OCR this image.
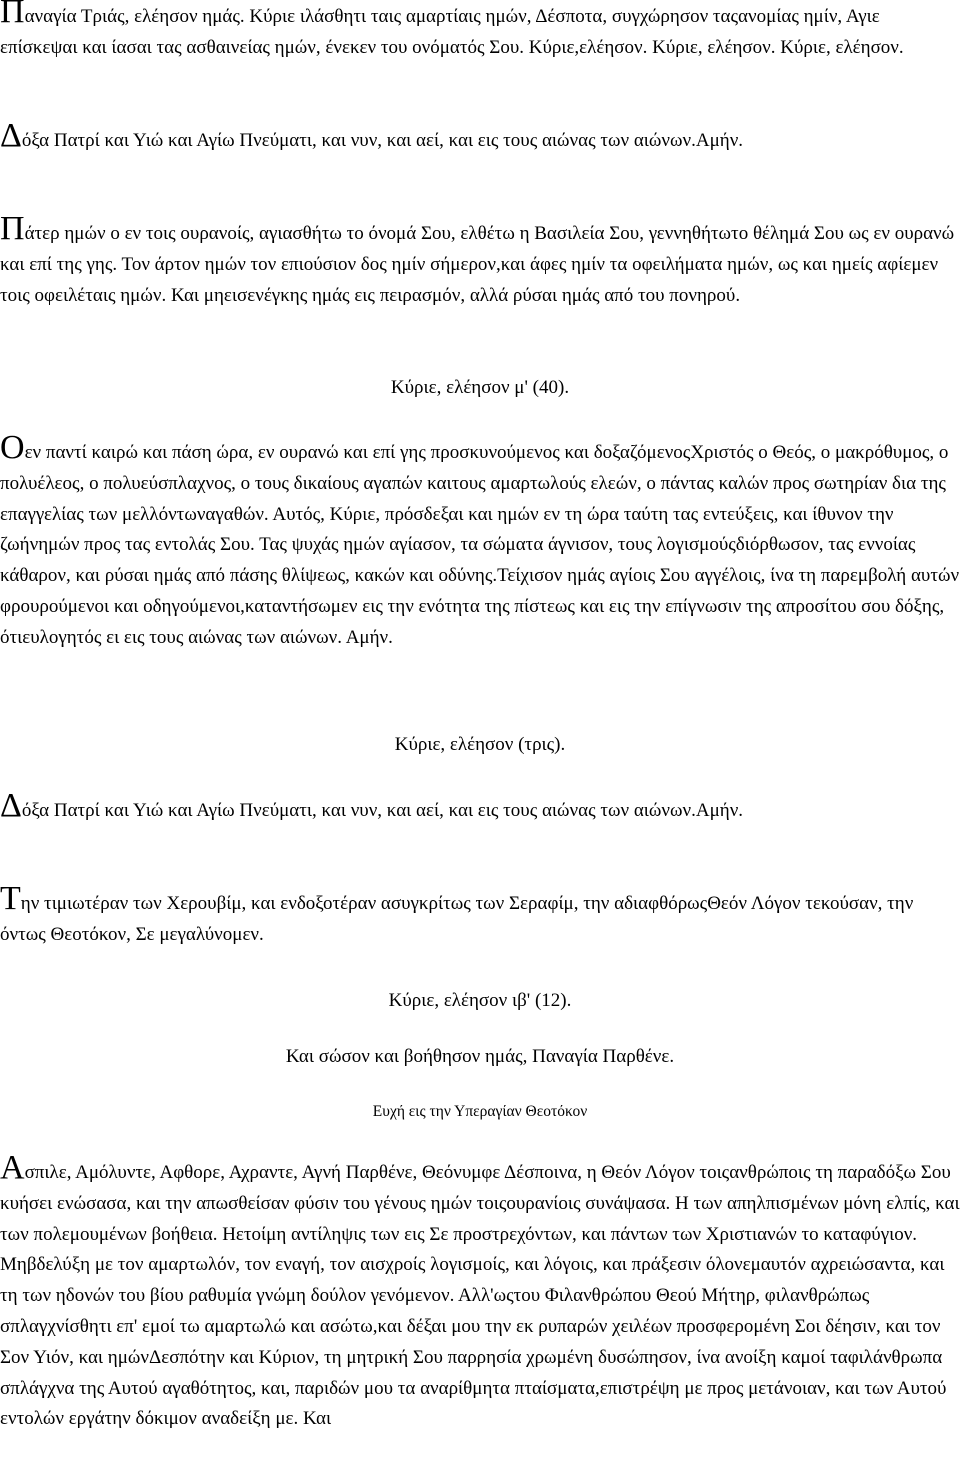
Παναγία Τριάς, ελέησον ημάς. Κύριε ιλάσθητι ταις αμαρτίαις ημών, Δέσποτα, συγχώρησον ταςανομίας ημίν, Αγιε επίσκεψαι και ίασαι τας ασθαινείας ημών, ένεκεν του ονόματός Σου. Κύριε,ελέησον. Κύριε, ελέησον. Κύριε, ελέησον.

Δόξα Πατρί και Υιώ και Αγίω Πνεύματι, και νυν, και αεί, και εις τους αιώνας των αιώνων.Αμήν.

Πάτερ ημών ο εν τοις ουρανοίς, αγιασθήτω το όνομά Σου, ελθέτω η Βασιλεία Σου, γεννηθήτωτο θέλημά Σου ως εν ουρανώ και επί της γης. Τον άρτον ημών τον επιούσιον δος ημίν σήμερον,και άφες ημίν τα οφειλήματα ημών, ως και ημείς αφίεμεν τοις οφειλέταις ημών. Και μηεισενέγκης ημάς εις πειρασμόν, αλλά ρύσαι ημάς από του πονηρού.

Κύριε, ελέησον μ' (40).

Οεν παντί καιρώ και πάση ώρα, εν ουρανώ και επί γης προσκυνούμενος και δοξαζόμενοςΧριστός ο Θεός, ο μακρόθυμος, ο πολυέλεος, ο πολυεύσπλαχνος, ο τους δικαίους αγαπών καιτους αμαρτωλούς ελεών, ο πάντας καλών προς σωτηρίαν δια της επαγγελίας των μελλόντωναγαθών. Αυτός, Κύριε, πρόσδεξαι και ημών εν τη ώρα ταύτη τας εντεύξεις, και ίθυνον την ζωήνημών προς τας εντολάς Σου. Τας ψυχάς ημών αγίασον, τα σώματα άγνισον, τους λογισμούςδιόρθωσον, τας εννοίας κάθαρον, και ρύσαι ημάς από πάσης θλίψεως, κακών και οδύνης.Τείχισον ημάς αγίοις Σου αγγέλοις, ίνα τη παρεμβολή αυτών φρουρούμενοι και οδηγούμενοι,καταντήσωμεν εις την ενότητα της πίστεως και εις την επίγνωσιν της απροσίτου σου δόξης, ότιευλογητός ει εις τους αιώνας των αιώνων. Αμήν.

Κύριε, ελέησον (τρις).

Δόξα Πατρί και Υιώ και Αγίω Πνεύματι, και νυν, και αεί, και εις τους αιώνας των αιώνων.Αμήν.

Την τιμιωτέραν των Χερουβίμ, και ενδοξοτέραν ασυγκρίτως των Σεραφίμ, την αδιαφθόρωςΘεόν Λόγον τεκούσαν, την όντως Θεοτόκον, Σε μεγαλύνομεν.

Κύριε, ελέησον ιβ' (12).

Και σώσον και βοήθησον ημάς, Παναγία Παρθένε.

Ευχή εις την Υπεραγίαν Θεοτόκον

Ασπιλε, Αμόλυντε, Αφθορε, Αχραντε, Αγνή Παρθένε, Θεόνυμφε Δέσποινα, η Θεόν Λόγον τοιςανθρώποις τη παραδόξω Σου κυήσει ενώσασα, και την απωσθείσαν φύσιν του γένους ημών τοιςουρανίοις συνάψασα. Η των απηλπισμένων μόνη ελπίς, και των πολεμουμένων βοήθεια. Ηετοίμη αντίληψις των εις Σε προστρεχόντων, και πάντων των Χριστιανών το καταφύγιον. Μηβδελύξη με τον αμαρτωλόν, τον εναγή, τον αισχροίς λογισμοίς, και λόγοις, και πράξεσιν όλονεμαυτόν αχρειώσαντα, και τη των ηδονών του βίου ραθυμία γνώμη δούλον γενόμενον. Αλλ'ωςτου Φιλανθρώπου Θεού Μήτηρ, φιλανθρώπως σπλαγχνίσθητι επ' εμοί τω αμαρτωλώ και ασώτω,και δέξαι μου την εκ ρυπαρών χειλέων προσφερομένη Σοι δέησιν, και τον Σον Υιόν, και ημώνΔεσπότην και Κύριον, τη μητρική Σου παρρησία χρωμένη δυσώπησον, ίνα ανοίξη καμοί ταφιλάνθρωπα σπλάγχνα της Αυτού αγαθότητος, και, παριδών μου τα αναρίθμητα πταίσματα,επιστρέψη με προς μετάνοιαν, και των Αυτού εντολών εργάτην δόκιμον αναδείξη με. Και
